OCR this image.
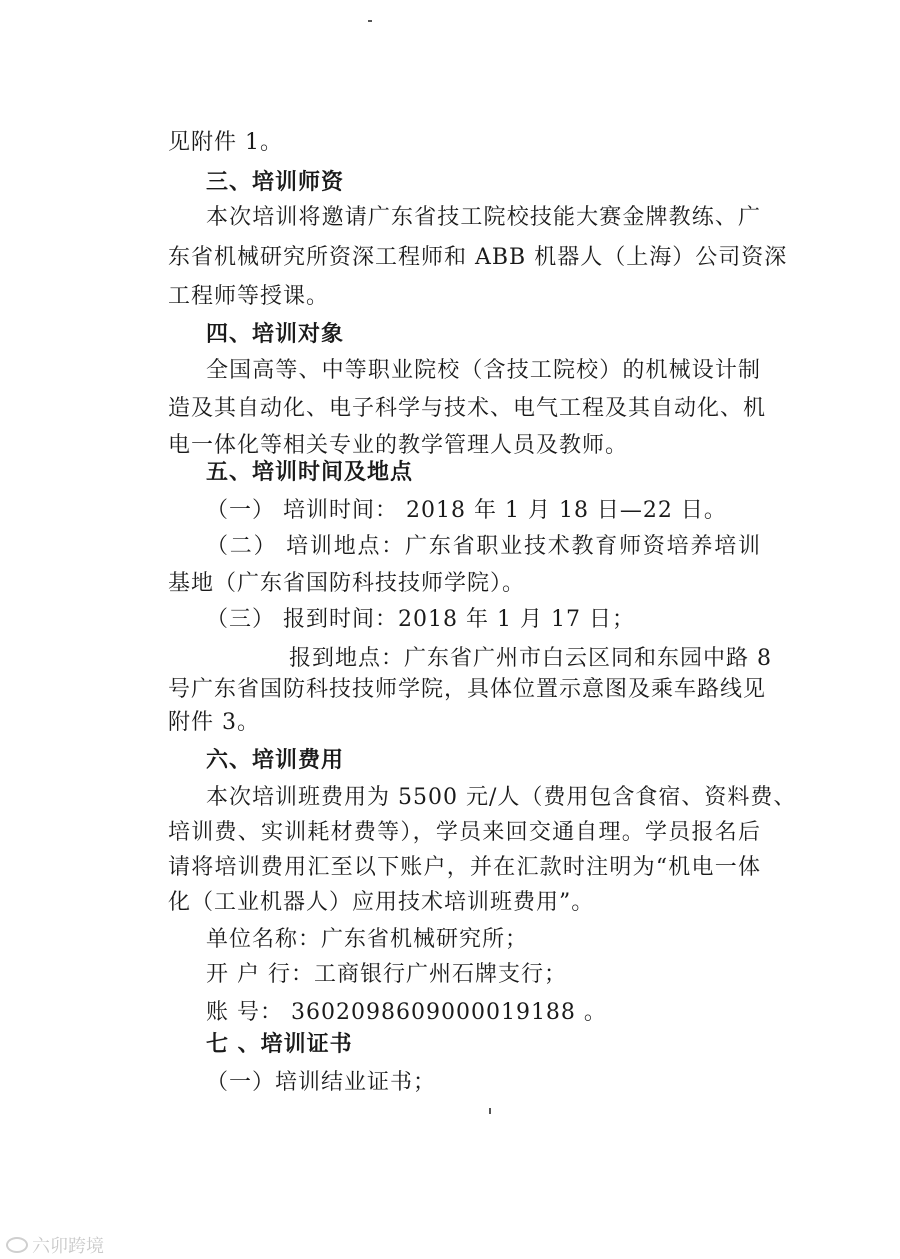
见附件 1。
三、培训师资
本次培训将邀请广东省技工院校技能大赛金牌教练、广
东省机械研究所资深工程师和 ABB 机器人（上海）公司资深
工程师等授课。
四、培训对象
全国高等、中等职业院校（含技工院校）的机械设计制
造及其自动化、电子科学与技术、电气工程及其自动化、机
电一体化等相关专业的教学管理人员及教师。
五、培训时间及地点
（一） 培训时间： 2018 年 1 月 18 日—22 日。
（二） 培训地点：广东省职业技术教育师资培养培训
基地（广东省国防科技技师学院）。
（三） 报到时间：2018 年 1 月 17 日；
报到地点：广东省广州市白云区同和东园中路 8
号广东省国防科技技师学院，具体位置示意图及乘车路线见
附件 3。
六、培训费用
本次培训班费用为 5500 元/人（费用包含食宿、资料费、
培训费、实训耗材费等），学员来回交通自理。学员报名后
请将培训费用汇至以下账户，并在汇款时注明为“机电一体
化（工业机器人）应用技术培训班费用”。
单位名称：广东省机械研究所；
开 户 行：工商银行广州石牌支行；
账 号： 3602098609000019188 。
七 、培训证书
（一）培训结业证书；
六卯跨境
